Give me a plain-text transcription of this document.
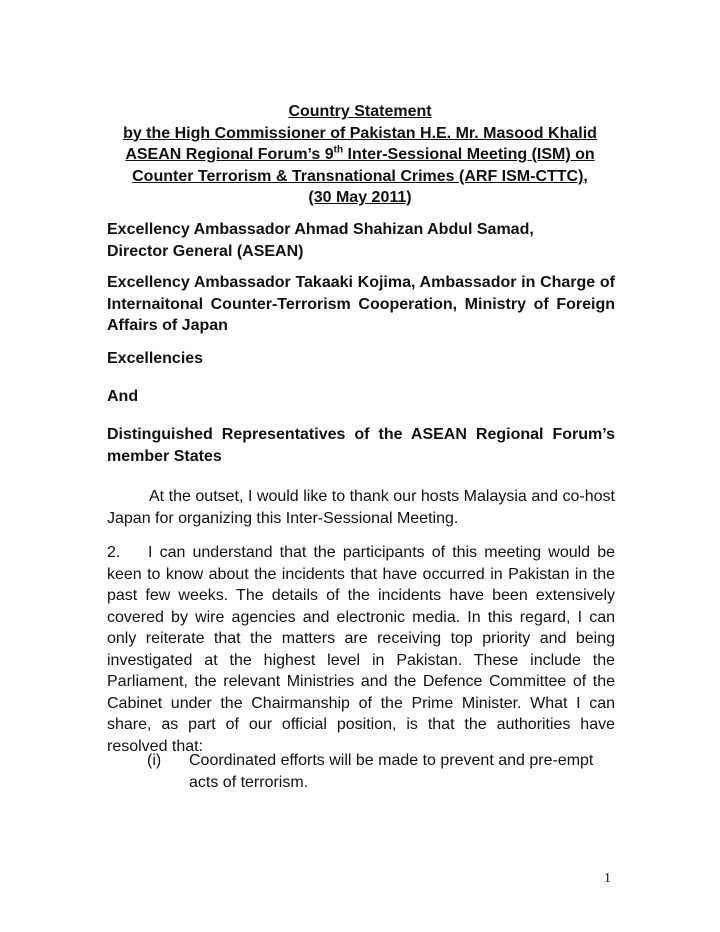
Country Statement
by the High Commissioner of Pakistan H.E. Mr. Masood Khalid
ASEAN Regional Forum’s 9th Inter-Sessional Meeting (ISM) on
Counter Terrorism & Transnational Crimes (ARF ISM-CTTC),
(30 May 2011)
Excellency Ambassador Ahmad Shahizan Abdul Samad,
Director General (ASEAN)
Excellency Ambassador Takaaki Kojima, Ambassador in Charge of Internaitonal Counter-Terrorism Cooperation, Ministry of Foreign Affairs of Japan
Excellencies
And
Distinguished Representatives of the ASEAN Regional Forum’s member States
At the outset, I would like to thank our hosts Malaysia and co-host Japan for organizing this Inter-Sessional Meeting.
2. I can understand that the participants of this meeting would be keen to know about the incidents that have occurred in Pakistan in the past few weeks. The details of the incidents have been extensively covered by wire agencies and electronic media. In this regard, I can only reiterate that the matters are receiving top priority and being investigated at the highest level in Pakistan. These include the Parliament, the relevant Ministries and the Defence Committee of the Cabinet under the Chairmanship of the Prime Minister. What I can share, as part of our official position, is that the authorities have resolved that:
(i) Coordinated efforts will be made to prevent and pre-empt acts of terrorism.
1
